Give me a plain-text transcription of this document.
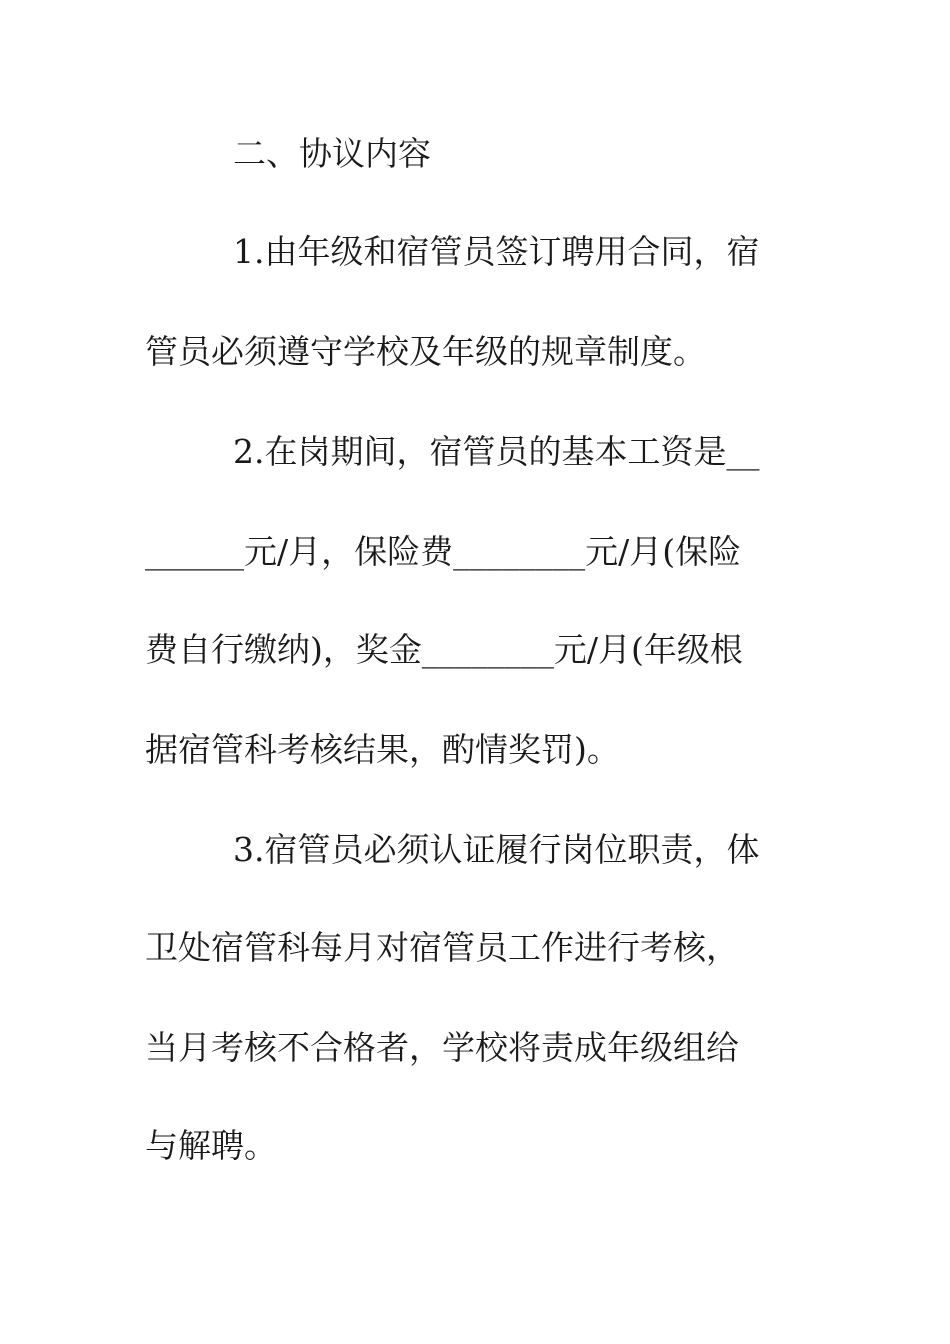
二、协议内容
1.由年级和宿管员签订聘用合同，宿
管员必须遵守学校及年级的规章制度。
2.在岗期间，宿管员的基本工资是__
______元/月，保险费________元/月(保险
费自行缴纳)，奖金________元/月(年级根
据宿管科考核结果，酌情奖罚)。
3.宿管员必须认证履行岗位职责，体
卫处宿管科每月对宿管员工作进行考核，
当月考核不合格者，学校将责成年级组给
与解聘。
